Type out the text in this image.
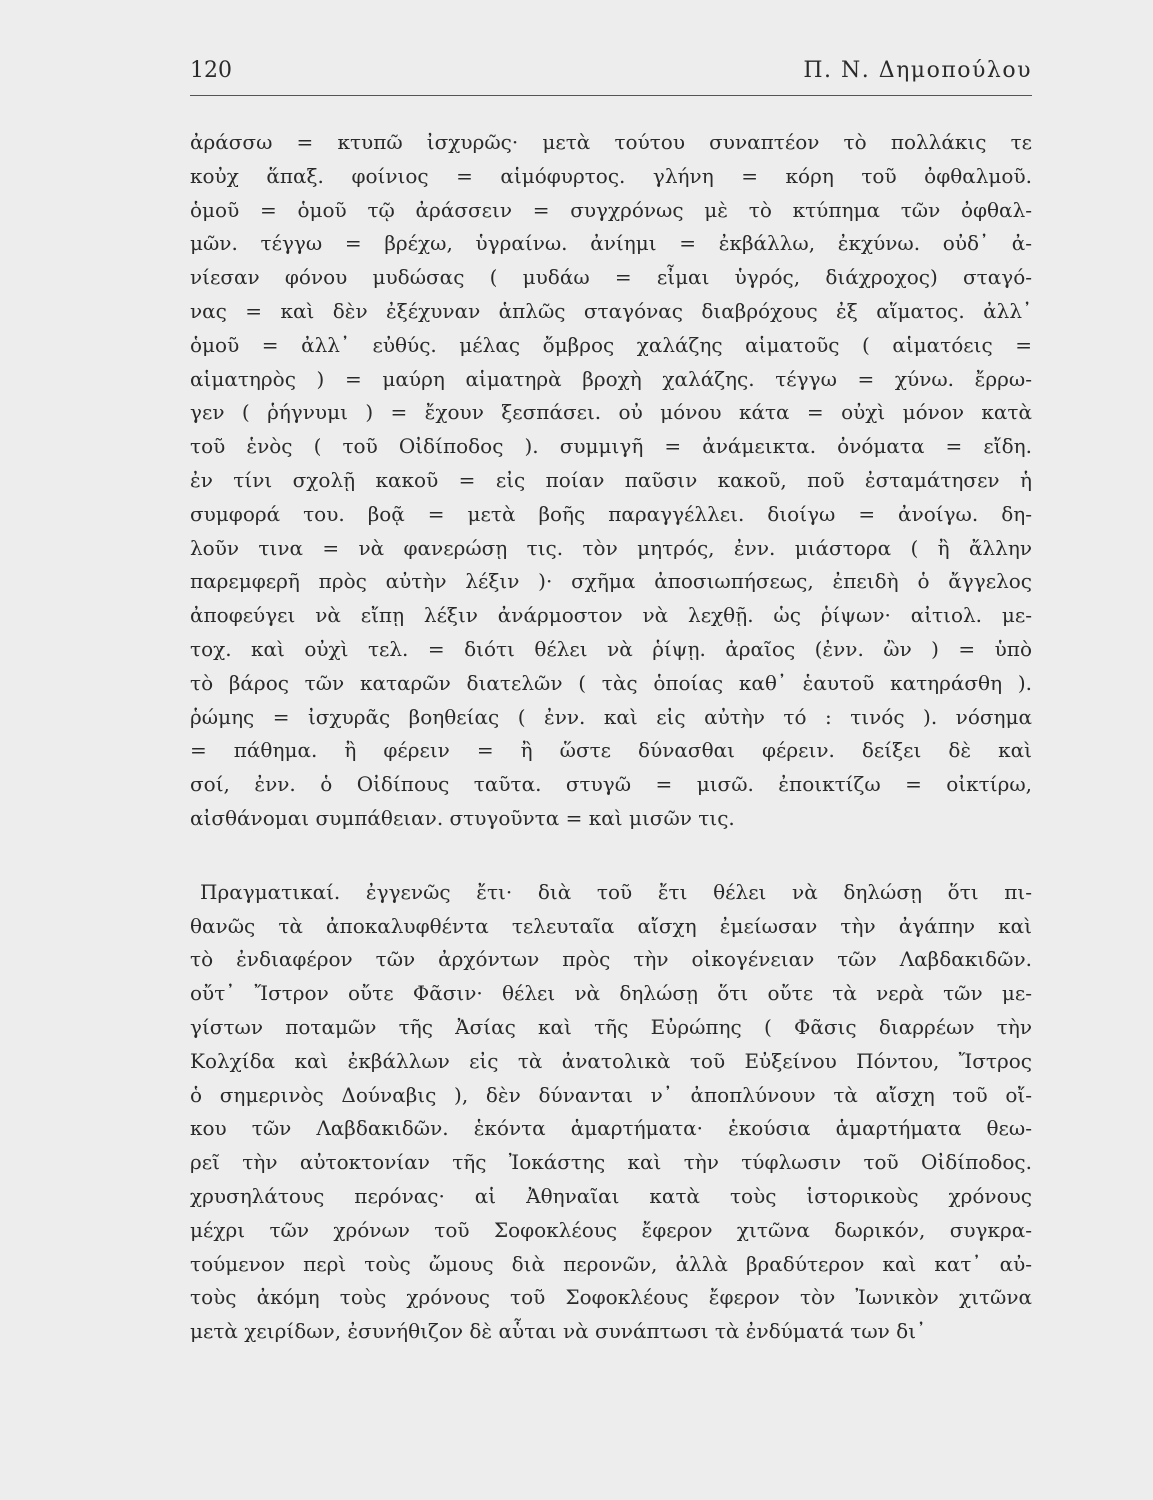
120	Π. Ν. Δημοπούλου
ἀράσσω = κτυπῶ ἰσχυρῶς· μετὰ τούτου συναπτέον τὸ πολλάκις τε
κοὐχ ἅπαξ. φοίνιος = αἱμόφυρτος. γλήνη = κόρη τοῦ ὀφθαλμοῦ.
ὁμοῦ = ὁμοῦ τῷ ἀράσσειν = συγχρόνως μὲ τὸ κτύπημα τῶν ὀφθαλ-
μῶν. τέγγω = βρέχω, ὑγραίνω. ἀνίημι = ἐκβάλλω, ἐκχύνω. οὐδ᾽ ἀ-
νίεσαν φόνου μυδώσας ( μυδάω = εἶμαι ὑγρός, διάχροχος) σταγό-
νας = καὶ δὲν ἐξέχυναν ἁπλῶς σταγόνας διαβρόχους ἐξ αἵματος. ἀλλ᾽
ὁμοῦ = ἀλλ᾽ εὐθύς. μέλας ὄμβρος χαλάζης αἱματοῦς ( αἱματόεις =
αἱματηρὸς ) = μαύρη αἱματηρὰ βροχὴ χαλάζης. τέγγω = χύνω. ἔρρω-
γεν ( ῥήγνυμι ) = ἔχουν ξεσπάσει. οὐ μόνου κάτα = οὐχὶ μόνον κατὰ
τοῦ ἑνὸς ( τοῦ Οἰδίποδος ). συμμιγῆ = ἀνάμεικτα. ὀνόματα = εἴδη.
ἐν τίνι σχολῇ κακοῦ = εἰς ποίαν παῦσιν κακοῦ, ποῦ ἐσταμάτησεν ἡ
συμφορά του. βοᾷ = μετὰ βοῆς παραγγέλλει. διοίγω = ἀνοίγω. δη-
λοῦν τινα = νὰ φανερώσῃ τις. τὸν μητρός, ἐνν. μιάστορα ( ἢ ἄλλην
παρεμφερῆ πρὸς αὐτὴν λέξιν )· σχῆμα ἀποσιωπήσεως, ἐπειδὴ ὁ ἄγγελος
ἀποφεύγει νὰ εἴπῃ λέξιν ἀνάρμοστον νὰ λεχθῇ. ὡς ῥίψων· αἰτιολ. με-
τοχ. καὶ οὐχὶ τελ. = διότι θέλει νὰ ῥίψῃ. ἀραῖος (ἐνν. ὢν ) = ὑπὸ
τὸ βάρος τῶν καταρῶν διατελῶν ( τὰς ὁποίας καθ᾽ ἑαυτοῦ κατηράσθη ).
ῥώμης = ἰσχυρᾶς βοηθείας ( ἐνν. καὶ εἰς αὐτὴν τό : τινός ). νόσημα
= πάθημα. ἢ φέρειν = ἢ ὥστε δύνασθαι φέρειν. δείξει δὲ καὶ
σοί, ἐνν. ὁ Οἰδίπους ταῦτα. στυγῶ = μισῶ. ἐποικτίζω = οἰκτίρω,
αἰσθάνομαι συμπάθειαν. στυγοῦντα = καὶ μισῶν τις.
Πραγματικαί. ἐγγενῶς ἔτι· διὰ τοῦ ἔτι θέλει νὰ δηλώσῃ ὅτι πι-
θανῶς τὰ ἀποκαλυφθέντα τελευταῖα αἴσχη ἐμείωσαν τὴν ἀγάπην καὶ
τὸ ἐνδιαφέρον τῶν ἀρχόντων πρὸς τὴν οἰκογένειαν τῶν Λαβδακιδῶν.
οὔτ᾽ Ἴστρον οὔτε Φᾶσιν· θέλει νὰ δηλώσῃ ὅτι οὔτε τὰ νερὰ τῶν με-
γίστων ποταμῶν τῆς Ἀσίας καὶ τῆς Εὐρώπης ( Φᾶσις διαρρέων τὴν
Κολχίδα καὶ ἐκβάλλων εἰς τὰ ἀνατολικὰ τοῦ Εὐξείνου Πόντου, Ἴστρος
ὁ σημερινὸς Δούναβις ), δὲν δύνανται ν᾽ ἀποπλύνουν τὰ αἴσχη τοῦ οἴ-
κου τῶν Λαβδακιδῶν. ἑκόντα ἁμαρτήματα· ἑκούσια ἁμαρτήματα θεω-
ρεῖ τὴν αὐτοκτονίαν τῆς Ἰοκάστης καὶ τὴν τύφλωσιν τοῦ Οἰδίποδος.
χρυσηλάτους περόνας· αἱ Ἀθηναῖαι κατὰ τοὺς ἱστορικοὺς χρόνους
μέχρι τῶν χρόνων τοῦ Σοφοκλέους ἔφερον χιτῶνα δωρικόν, συγκρα-
τούμενον περὶ τοὺς ὤμους διὰ περονῶν, ἀλλὰ βραδύτερον καὶ κατ᾽ αὐ-
τοὺς ἀκόμη τοὺς χρόνους τοῦ Σοφοκλέους ἔφερον τὸν Ἰωνικὸν χιτῶνα
μετὰ χειρίδων, ἐσυνήθιζον δὲ αὗται νὰ συνάπτωσι τὰ ἐνδύματά των δι᾽
